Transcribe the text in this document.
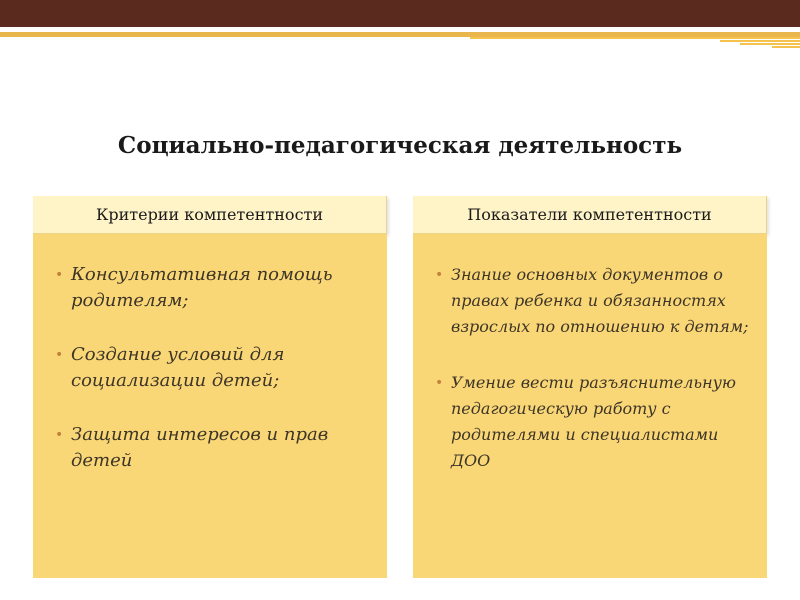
Социально-педагогическая деятельность
Критерии компетентности
• Консультативная помощь родителям;
• Создание условий для социализации детей;
• Защита интересов и прав детей
Показатели компетентности
• Знание основных документов о правах ребенка и обязанностях взрослых по отношению к детям;
• Умение вести разъяснительную педагогическую работу с родителями и специалистами ДОО
